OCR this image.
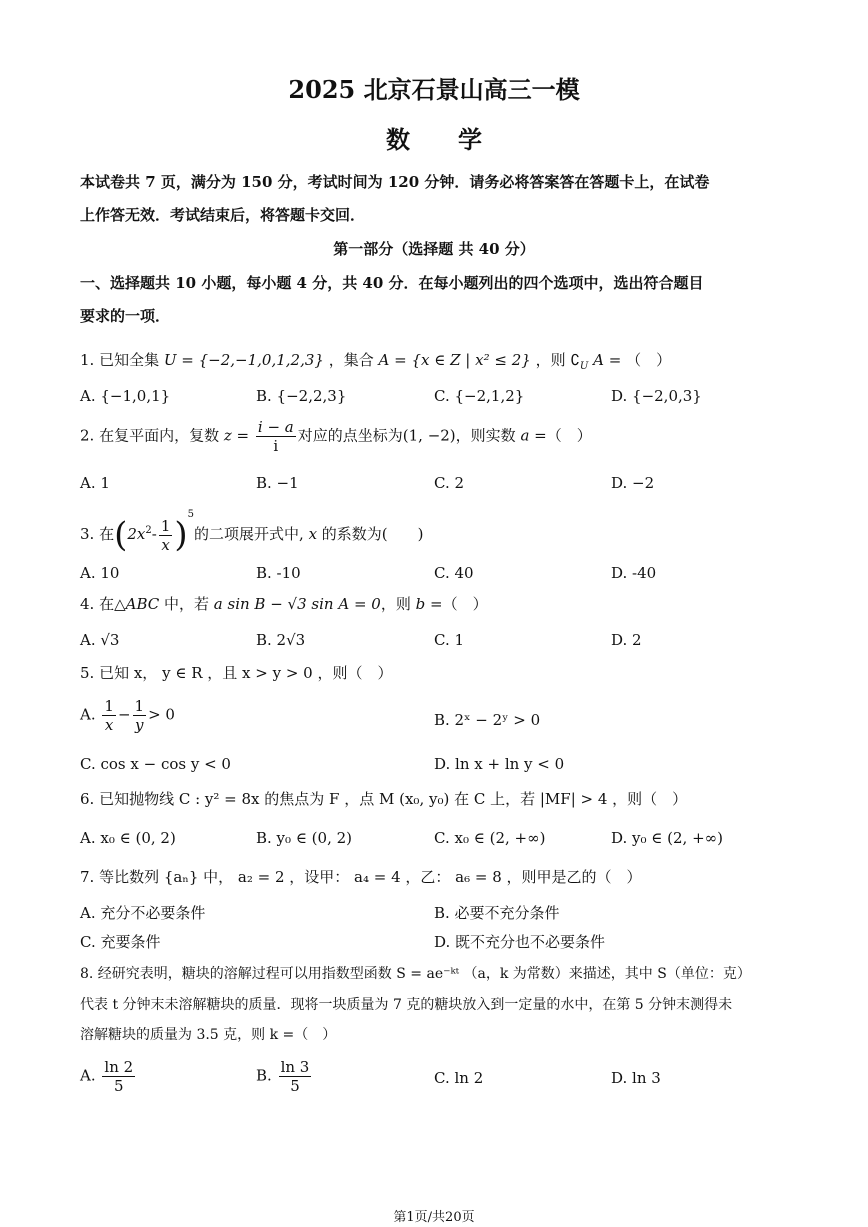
2025 北京石景山高三一模
数　　学
本试卷共 7 页，满分为 150 分，考试时间为 120 分钟．请务必将答案答在答题卡上，在试卷
上作答无效．考试结束后，将答题卡交回．
第一部分（选择题 共 40 分）
一、选择题共 10 小题，每小题 4 分，共 40 分．在每小题列出的四个选项中，选出符合题目
要求的一项．
1. 已知全集 U = {−2,−1,0,1,2,3} ，集合 A = {x ∈ Z | x² ≤ 2} ，则 $∁_U$ A = （　）
A. {−1,0,1}	B. {−2,2,3}	C. {−2,1,2}	D. {−2,0,3}
2. 在复平面内，复数 $z = \frac{i - a}{i}$ 对应的点坐标为(1, −2)，则实数 a =（　）
A. 1	B. −1	C. 2	D. −2
3. 在$(2x^2- \frac{1}{x} )^5$的二项展开式中, x 的系数为(　　)
A. 10	B. -10	C. 40	D. -40
4. 在△ABC 中，若 a sin B − √3 sin A = 0，则 b =（　）
A. √3	B. 2√3	C. 1	D. 2
5. 已知 x， y ∈ R ，且 x > y > 0 ，则（　）
A. $\frac{1}{x} - \frac{1}{y} > 0$	B. 2ˣ − 2ʸ > 0
C. cos x − cos y < 0	D. ln x + ln y < 0
6. 已知抛物线 C : y² = 8x 的焦点为 F ，点 M (x₀, y₀) 在 C 上，若 |MF| > 4 ，则（　）
A. x₀ ∈ (0, 2)	B. y₀ ∈ (0, 2)	C. x₀ ∈ (2, +∞)	D. y₀ ∈ (2, +∞)
7. 等比数列 {aₙ} 中， a₂ = 2 ，设甲： a₄ = 4 ，乙： a₆ = 8 ，则甲是乙的（　）
A. 充分不必要条件	B. 必要不充分条件
C. 充要条件	D. 既不充分也不必要条件
8. 经研究表明，糖块的溶解过程可以用指数型函数 S = ae⁻ᵏᵗ （a，k 为常数）来描述，其中 S（单位：克）
代表 t 分钟末未溶解糖块的质量．现将一块质量为 7 克的糖块放入到一定量的水中，在第 5 分钟末测得未
溶解糖块的质量为 3.5 克，则 k =（　）
A. $\frac{\ln 2}{5}$	B. $\frac{\ln 3}{5}$	C. ln 2	D. ln 3
第1页/共20页
